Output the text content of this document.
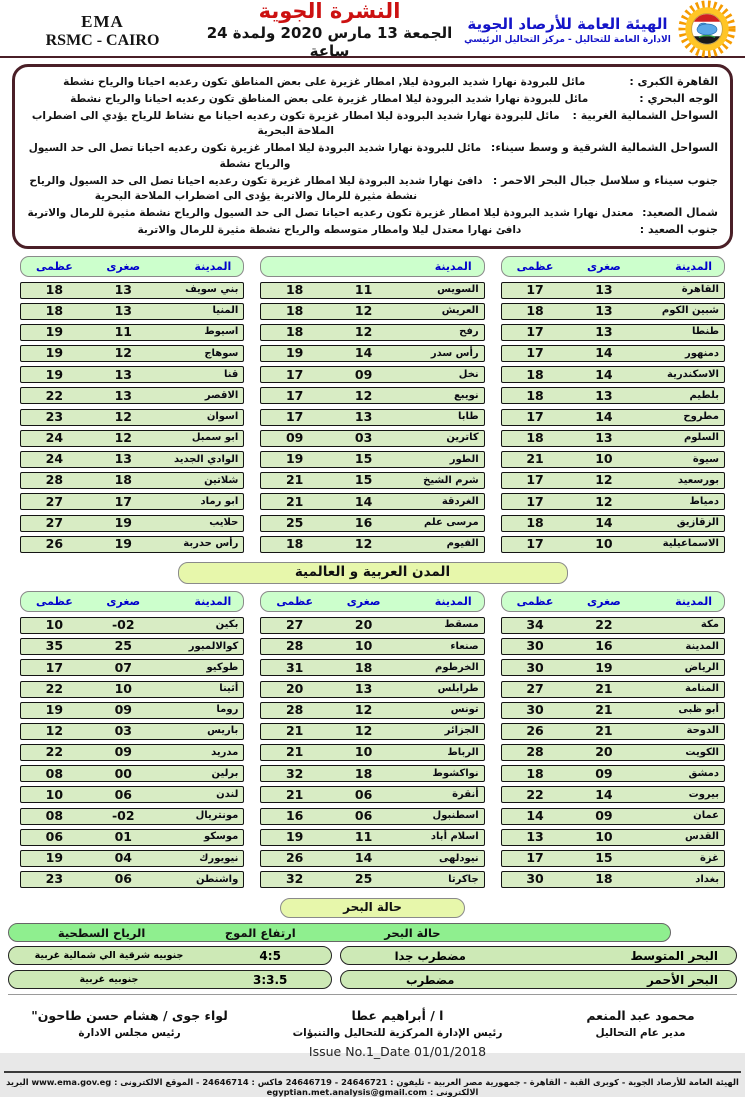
EMA
RSMC - CAIRO
النشرة الجوية
الجمعة 13 مارس 2020 ولمدة 24 ساعة
الهيئة العامة للأرصاد الجوية
الادارة العامة للتحاليل - مركز التحاليل الرئيسي
EMA
القاهرة الكبرى :
مائل للبرودة نهارا شديد البرودة ليلا, امطار غزيرة على بعض المناطق تكون رعديه احيانا والرياح نشطة
الوجه البحري :
مائل للبرودة نهارا شديد البرودة ليلا امطار غزيرة على بعض المناطق تكون رعديه احيانا والرياح نشطة
السواحل الشمالية الغربية :
مائل للبرودة نهارا شديد البرودة ليلا امطار غزيرة تكون رعديه احيانا مع نشاط للرياح يؤدي الى اضطراب الملاحة البحرية
السواحل الشمالية الشرقية و وسط سيناء:
مائل للبرودة نهارا شديد البرودة ليلا امطار غزيرة تكون رعديه احيانا تصل الى حد السيول والرياح نشطة
جنوب سيناء و سلاسل جبال البحر الاحمر :
دافئ نهارا شديد البرودة ليلا امطار غزيرة تكون رعديه احيانا تصل الى حد السيول والرياح نشطة مثيرة للرمال والاتربة يؤدى الى اضطراب الملاحة البحرية
شمال الصعيد:
معتدل نهارا شديد البرودة ليلا امطار غزيرة تكون رعديه احيانا تصل الى حد السيول والرياح نشطة مثيرة للرمال والاتربة
جنوب الصعيد :
دافئ نهارا معتدل ليلا وامطار متوسطه والرياح نشطة مثيرة للرمال والاتربة
عظمى	صغرى	المدينة
17	13	القاهرة
18	13	شبين الكوم
17	13	طنطا
17	14	دمنهور
18	14	الاسكندرية
18	13	بلطيم
17	14	مطروح
18	13	السلوم
21	10	سيوة
17	12	بورسعيد
17	12	دمياط
18	14	الزقازيق
17	10	الاسماعيلية
المدينة
18	11	السويس
18	12	العريش
18	12	رفح
19	14	رأس سدر
17	09	نخل
17	12	نويبع
17	13	طابا
09	03	كاترين
19	15	الطور
21	15	شرم الشيخ
21	14	الغردقة
25	16	مرسى علم
18	12	الفيوم
عظمى	صغرى	المدينة
18	13	بني سويف
18	13	المنيا
19	11	اسيوط
19	12	سوهاج
19	13	قنا
22	13	الاقصر
23	12	اسوان
24	12	ابو سمبل
24	13	الوادي الجديد
28	18	شلاتين
27	17	ابو رماد
27	19	حلايب
26	19	رأس حدربة
المدن العربية و العالمية
عظمى	صغرى	المدينة
34	22	مكة
30	16	المدينة
30	19	الرياض
27	21	المنامة
30	21	أبو ظبى
26	21	الدوحة
28	20	الكويت
18	09	دمشق
22	14	بيروت
14	09	عمان
13	10	القدس
17	15	غزة
30	18	بغداد
عظمى	صغرى	المدينة
27	20	مسقط
28	10	صنعاء
31	18	الخرطوم
20	13	طرابلس
28	12	تونس
21	12	الجزائر
21	10	الرباط
32	18	نواكشوط
21	06	أنقرة
16	06	اسطنبول
19	11	اسلام أباد
26	14	نيودلهى
32	25	جاكرتا
عظمى	صغرى	المدينة
10	-02	بكين
35	25	كوالالمبور
17	07	طوكيو
22	10	أثينا
19	09	روما
12	03	باريس
22	09	مدريد
08	00	برلين
10	06	لندن
08	-02	مونتريال
06	01	موسكو
19	04	نيويورك
23	06	واشنطن
حالة البحر
الرياح السطحية	ارتفاع الموج	حالة البحر
جنوبيه شرقية الي شمالية غربية	4:5	مضطرب جدا	البحر المتوسط
جنوبيه غربية	3:3.5	مضطرب	البحر الأحمر
محمود عبد المنعم
مدير عام التحاليل
ا / أبراهيم عطا
رئيس الإدارة المركزية للتحاليل والتنبؤات
Issue No.1_Date 01/01/2018
لواء جوى / هشام حسن طاحون"
رئيس مجلس الادارة
الهيئة العامة للأرصاد الجوية - كوبرى القبة - القاهرة - جمهورية مصر العربية - تليفون : 24646721 - 24646719 فاكس : 24646714 - الموقع الالكترونى : www.ema.gov.eg البريد الالكترونى : egyptian.met.analysis@gmail.com
